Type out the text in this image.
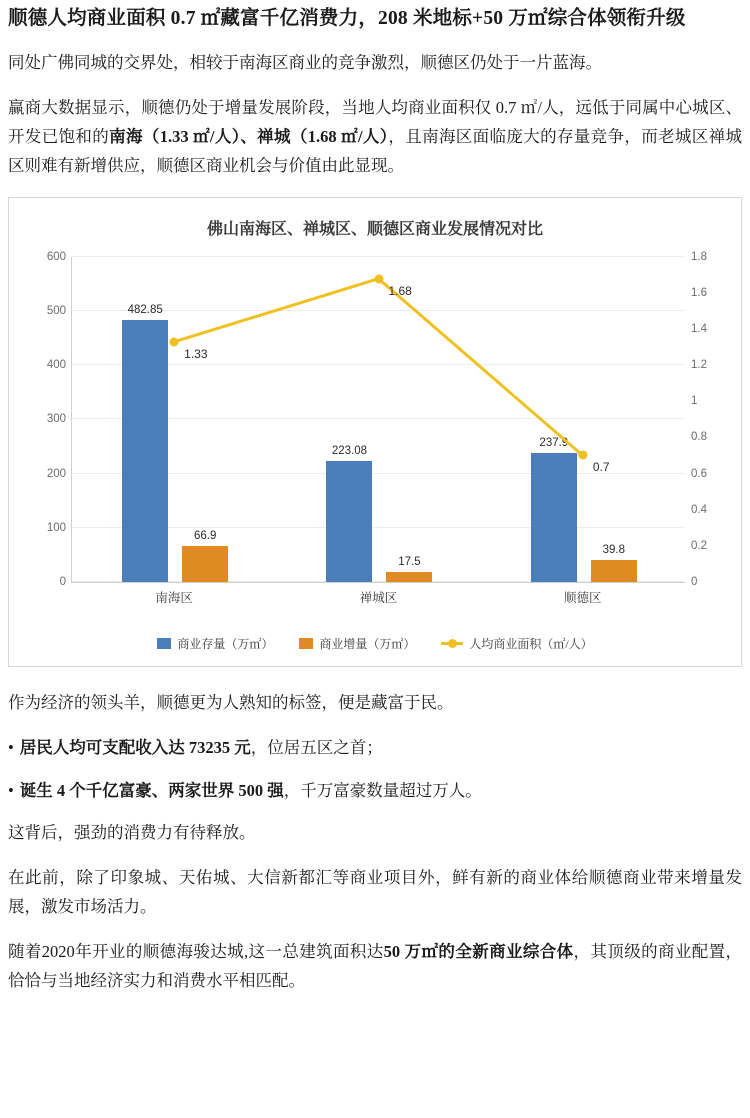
顺德人均商业面积 0.7 ㎡藏富千亿消费力，208 米地标+50 万㎡综合体领衔升级

同处广佛同城的交界处，相较于南海区商业的竞争激烈，顺德区仍处于一片蓝海。

赢商大数据显示，顺德仍处于增量发展阶段，当地人均商业面积仅 0.7 ㎡/人，远低于同属中心城区、开发已饱和的南海（1.33 ㎡/人）、禅城（1.68 ㎡/人），且南海区面临庞大的存量竞争，而老城区禅城区则难有新增供应，顺德区商业机会与价值由此显现。

佛山南海区、禅城区、顺德区商业发展情况对比
0
100
200
300
400
500
600
0
0.2
0.4
0.6
0.8
1
1.2
1.4
1.6
1.8
482.85
66.9
南海区
223.08
17.5
禅城区
237.9
39.8
顺德区
1.33
1.68
0.7
商业存量（万㎡）	商业增量（万㎡）	人均商业面积（㎡/人）

作为经济的领头羊，顺德更为人熟知的标签，便是藏富于民。

• 居民人均可支配收入达 73235 元，位居五区之首；
• 诞生 4 个千亿富豪、两家世界 500 强，千万富豪数量超过万人。

这背后，强劲的消费力有待释放。

在此前，除了印象城、天佑城、大信新都汇等商业项目外，鲜有新的商业体给顺德商业带来增量发展，激发市场活力。

随着2020年开业的顺德海骏达城,这一总建筑面积达50 万㎡的全新商业综合体，其顶级的商业配置，恰恰与当地经济实力和消费水平相匹配。
